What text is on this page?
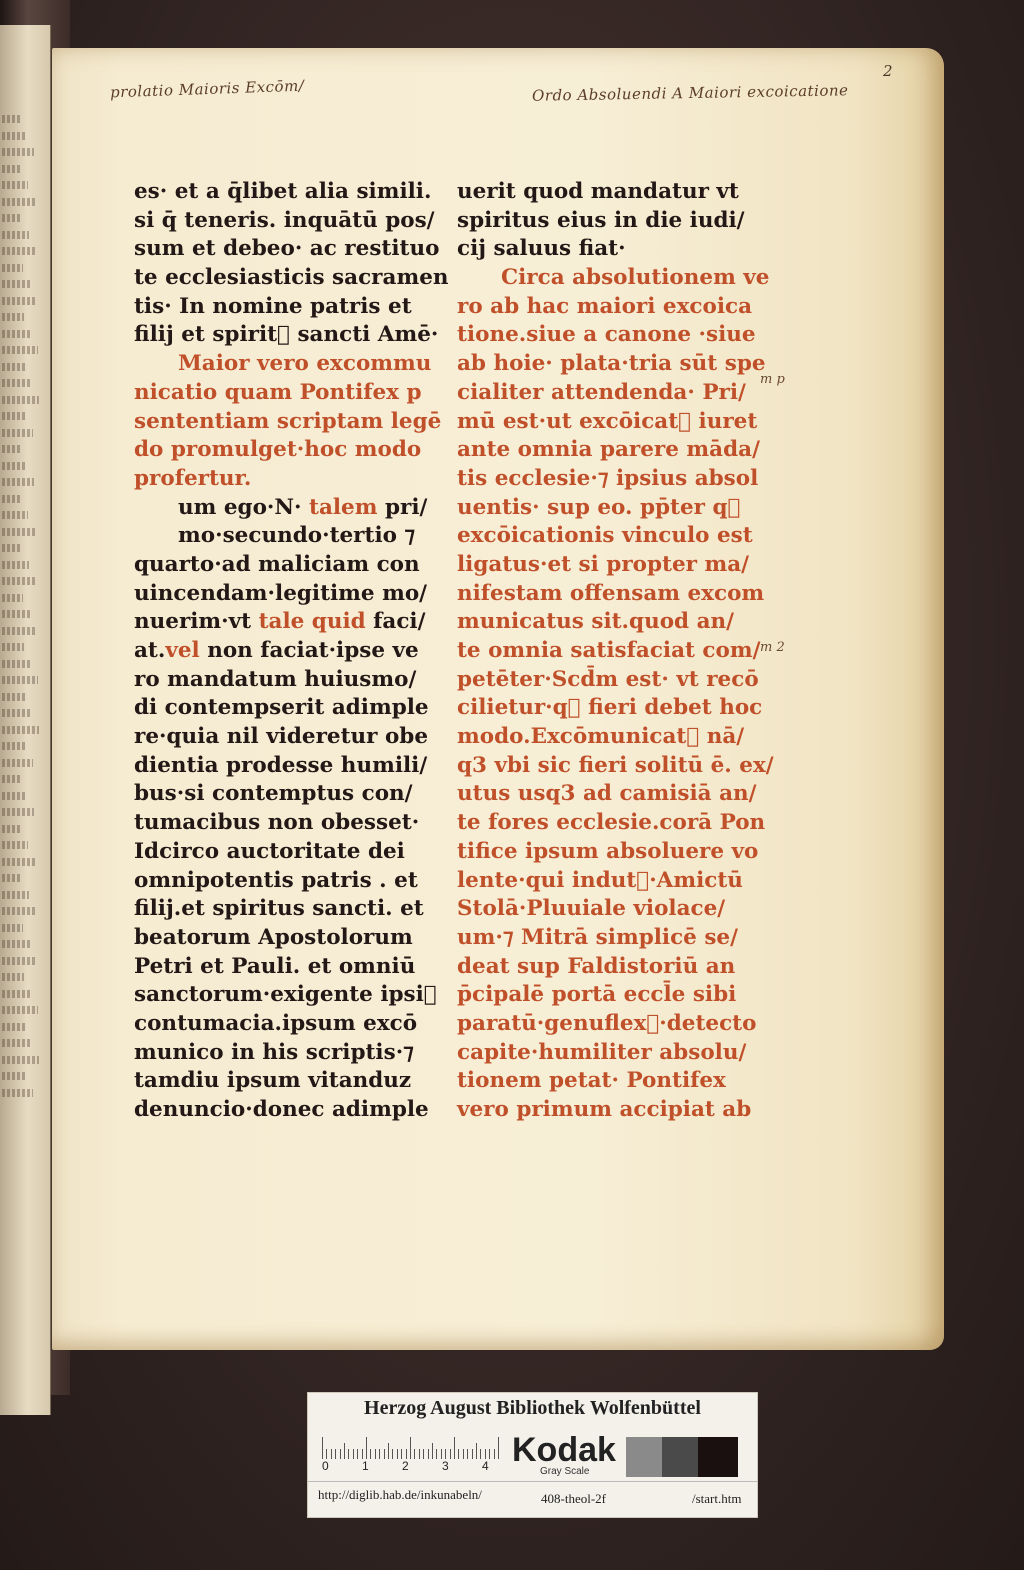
prolatio Maioris Excōm/	Ordo Absoluendi A Maiori excoicatione
2
m p
m 2
es· et a q̄libet alia simili.
si q̄ teneris. inquātū pos/
sum et debeo· ac restituo
te ecclesiasticis sacramen
tis· In nomine patris et
filij et spirit᷒ sancti Amē·
Maior vero excommu
nicatio quam Pontifex p
sententiam scriptam legē
do promulget·hoc modo
profertur.
um ego·N· talem pri/
mo·secundo·tertio ⁊
quarto·ad maliciam con
uincendam·legitime mo/
nuerim·vt tale quid faci/
at.vel non faciat·ipse ve
ro mandatum huiusmo/
di contempserit adimple
re·quia nil videretur obe
dientia prodesse humili/
bus·si contemptus con/
tumacibus non obesset·
Idcirco auctoritate dei
omnipotentis patris . et
filij.et spiritus sancti. et
beatorum Apostolorum
Petri et Pauli. et omniū
sanctorum·exigente ipsi᷒
contumacia.ipsum excō
munico in his scriptis·⁊
tamdiu ipsum vitanduz
denuncio·donec adimple
uerit quod mandatur vt
spiritus eius in die iudi/
cij saluus fiat·
Circa absolutionem ve
ro ab hac maiori excoica
tione.siue a canone ·siue
ab hoie· plata·tria sūt spe
cialiter attendenda· Pri/
mū est·ut excōicat᷒ iuret
ante omnia parere māda/
tis ecclesie·⁊ ipsius absol
uentis· sup eo. pp̄ter q᷑
excōicationis vinculo est
ligatus·et si propter ma/
nifestam offensam excom
municatus sit.quod an/
te omnia satisfaciat com/
petēter·Scd̄m est· vt recō
cilietur·q᷑ fieri debet hoc
modo.Excōmunicat᷒ nā/
q3 vbi sic fieri solitū ē. ex/
utus usq3 ad camisiā an/
te fores ecclesie.corā Pon
tifice ipsum absoluere vo
lente·qui indut᷒·Amictū
Stolā·Pluuiale violace/
um·⁊ Mitrā simplicē se/
deat sup Faldistoriū an
p̄cipalē portā eccl̄e sibi
paratū·genuflex᷒·detecto
capite·humiliter absolu/
tionem petat· Pontifex
vero primum accipiat ab
Herzog August Bibliothek Wolfenbüttel
0	1	2	3	4 Kodak
Gray Scale
http://diglib.hab.de/inkunabeln/	408-theol-2f	/start.htm
